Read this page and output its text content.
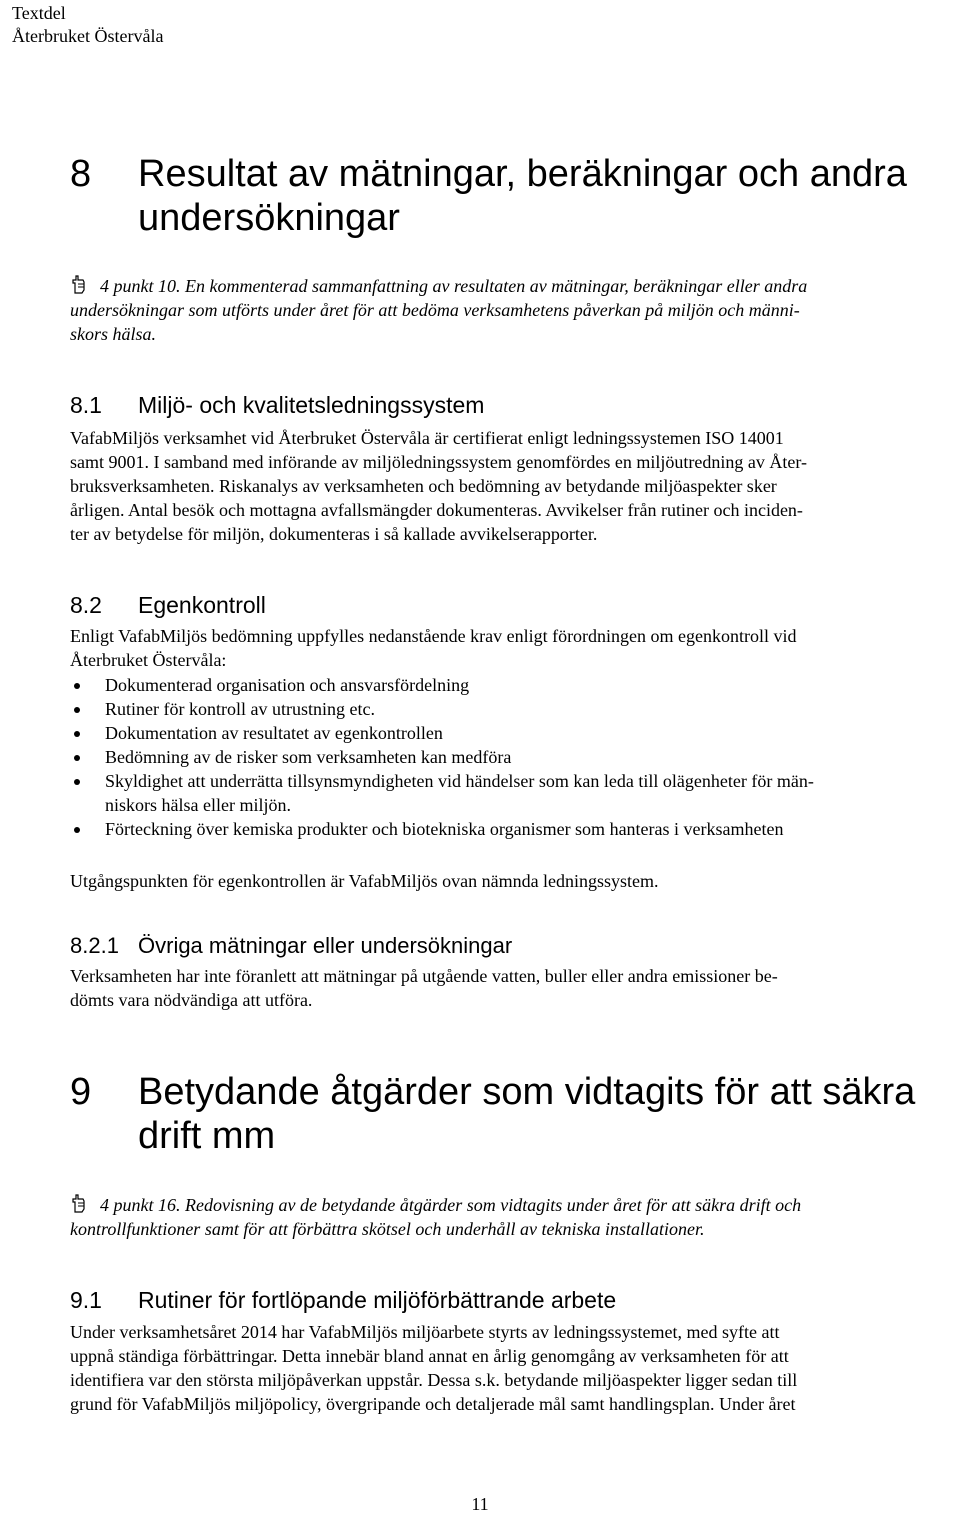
Textdel
Återbruket Östervåla
8 Resultat av mätningar, beräkningar och andra
undersökningar
4 punkt 10. En kommenterad sammanfattning av resultaten av mätningar, beräkningar eller andra
undersökningar som utförts under året för att bedöma verksamhetens påverkan på miljön och männi-
skors hälsa.
8.1 Miljö- och kvalitetsledningssystem
VafabMiljös verksamhet vid Återbruket Östervåla är certifierat enligt ledningssystemen ISO 14001
samt 9001. I samband med införande av miljöledningssystem genomfördes en miljöutredning av Åter-
bruksverksamheten. Riskanalys av verksamheten och bedömning av betydande miljöaspekter sker
årligen. Antal besök och mottagna avfallsmängder dokumenteras. Avvikelser från rutiner och inciden-
ter av betydelse för miljön, dokumenteras i så kallade avvikelserapporter.
8.2 Egenkontroll
Enligt VafabMiljös bedömning uppfylles nedanstående krav enligt förordningen om egenkontroll vid
Återbruket Östervåla:
Dokumenterad organisation och ansvarsfördelning
Rutiner för kontroll av utrustning etc.
Dokumentation av resultatet av egenkontrollen
Bedömning av de risker som verksamheten kan medföra
Skyldighet att underrätta tillsynsmyndigheten vid händelser som kan leda till olägenheter för män-
niskors hälsa eller miljön.
Förteckning över kemiska produkter och biotekniska organismer som hanteras i verksamheten
Utgångspunkten för egenkontrollen är VafabMiljös ovan nämnda ledningssystem.
8.2.1 Övriga mätningar eller undersökningar
Verksamheten har inte föranlett att mätningar på utgående vatten, buller eller andra emissioner be-
dömts vara nödvändiga att utföra.
9 Betydande åtgärder som vidtagits för att säkra
drift mm
4 punkt 16. Redovisning av de betydande åtgärder som vidtagits under året för att säkra drift och
kontrollfunktioner samt för att förbättra skötsel och underhåll av tekniska installationer.
9.1 Rutiner för fortlöpande miljöförbättrande arbete
Under verksamhetsåret 2014 har VafabMiljös miljöarbete styrts av ledningssystemet, med syfte att
uppnå ständiga förbättringar. Detta innebär bland annat en årlig genomgång av verksamheten för att
identifiera var den största miljöpåverkan uppstår. Dessa s.k. betydande miljöaspekter ligger sedan till
grund för VafabMiljös miljöpolicy, övergripande och detaljerade mål samt handlingsplan. Under året
11
